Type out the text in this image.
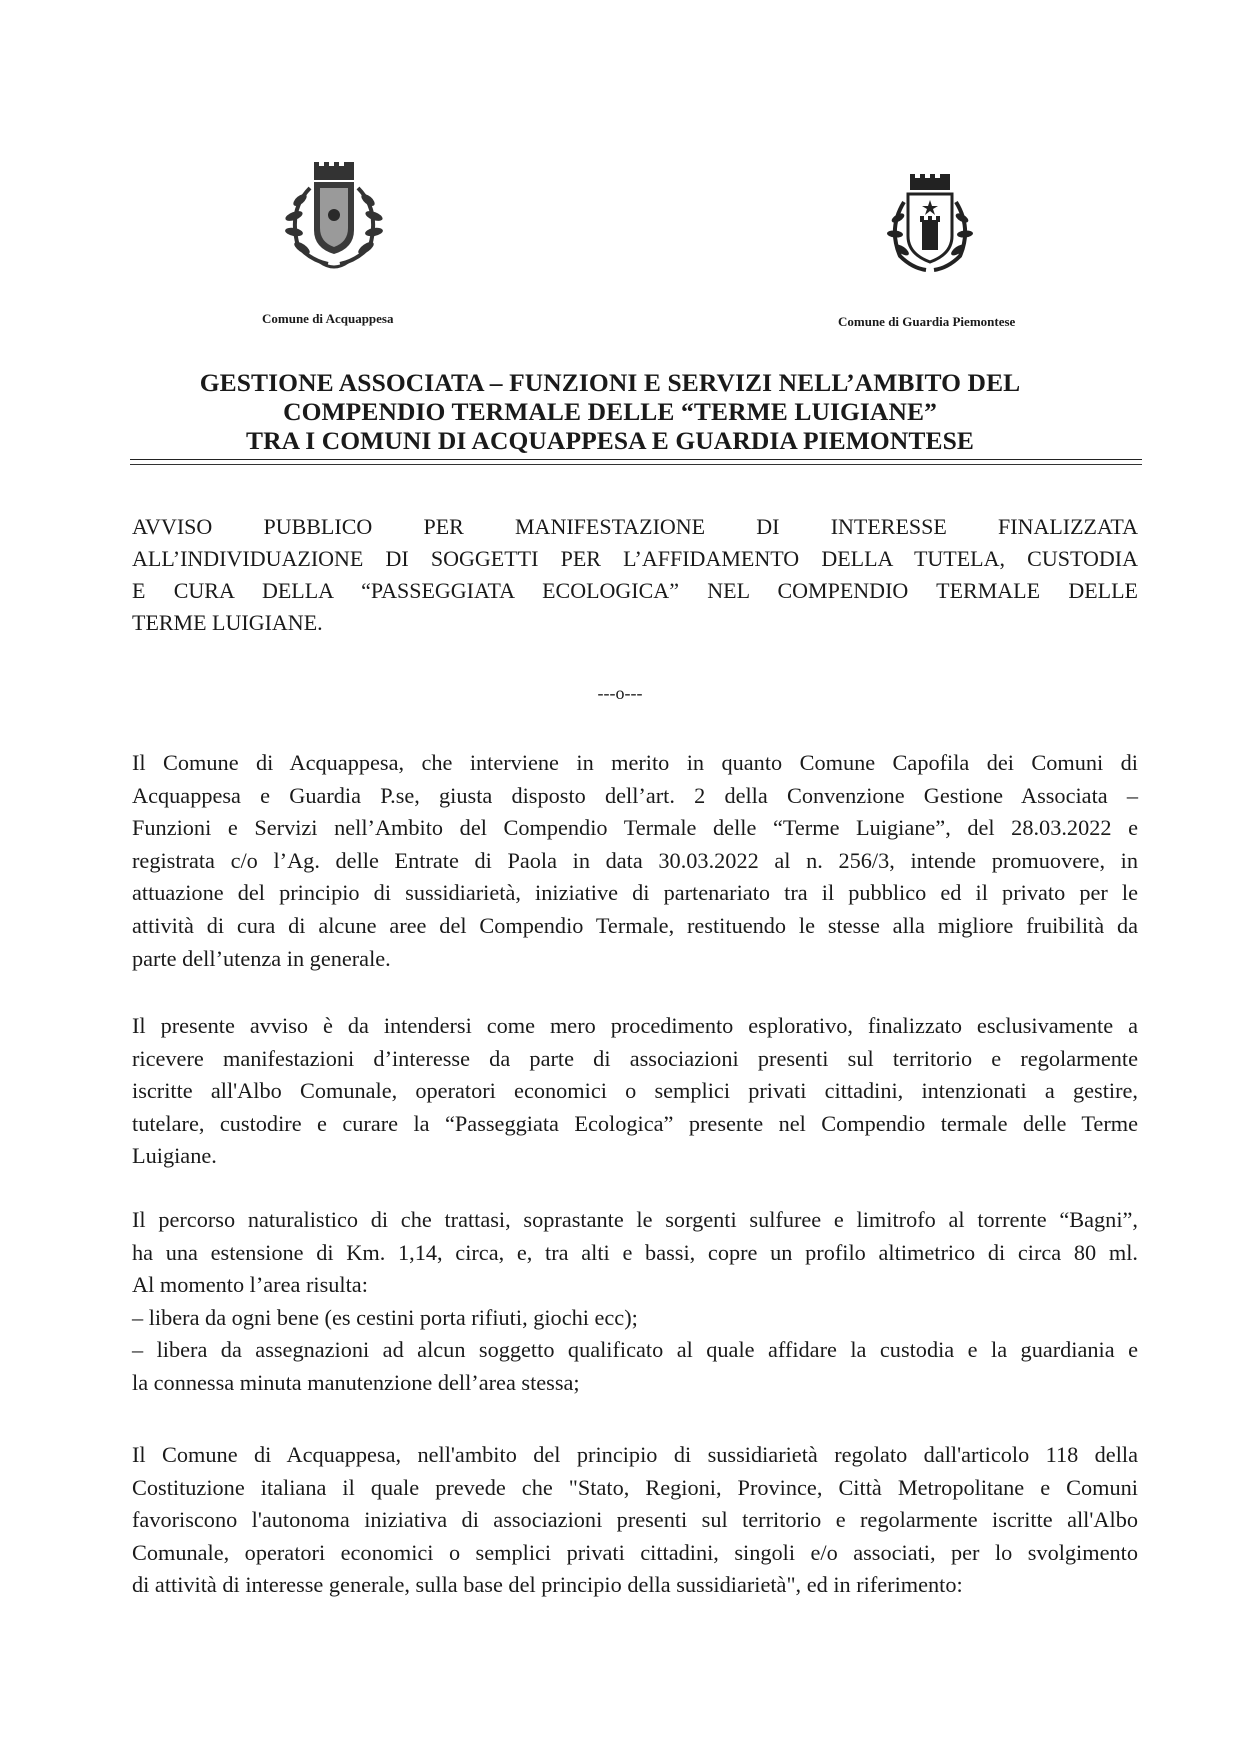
Comune di Acquappesa	Comune di Guardia Piemontese
GESTIONE ASSOCIATA – FUNZIONI E SERVIZI NELL’AMBITO DEL
COMPENDIO TERMALE DELLE “TERME LUIGIANE”
TRA I COMUNI DI ACQUAPPESA E GUARDIA PIEMONTESE
AVVISO PUBBLICO PER MANIFESTAZIONE DI INTERESSE FINALIZZATA
ALL’INDIVIDUAZIONE DI SOGGETTI PER L’AFFIDAMENTO DELLA TUTELA, CUSTODIA
E CURA DELLA “PASSEGGIATA ECOLOGICA” NEL COMPENDIO TERMALE DELLE
TERME LUIGIANE.
---o---
Il Comune di Acquappesa, che interviene in merito in quanto Comune Capofila dei Comuni di
Acquappesa e Guardia P.se, giusta disposto dell’art. 2 della Convenzione Gestione Associata –
Funzioni e Servizi nell’Ambito del Compendio Termale delle “Terme Luigiane”, del 28.03.2022 e
registrata c/o l’Ag. delle Entrate di Paola in data 30.03.2022 al n. 256/3, intende promuovere, in
attuazione del principio di sussidiarietà, iniziative di partenariato tra il pubblico ed il privato per le
attività di cura di alcune aree del Compendio Termale, restituendo le stesse alla migliore fruibilità da
parte dell’utenza in generale.
Il presente avviso è da intendersi come mero procedimento esplorativo, finalizzato esclusivamente a
ricevere manifestazioni d’interesse da parte di associazioni presenti sul territorio e regolarmente
iscritte all'Albo Comunale, operatori economici o semplici privati cittadini, intenzionati a gestire,
tutelare, custodire e curare la “Passeggiata Ecologica” presente nel Compendio termale delle Terme
Luigiane.
Il percorso naturalistico di che trattasi, soprastante le sorgenti sulfuree e limitrofo al torrente “Bagni”,
ha una estensione di Km. 1,14, circa, e, tra alti e bassi, copre un profilo altimetrico di circa 80 ml.
Al momento l’area risulta:
– libera da ogni bene (es cestini porta rifiuti, giochi ecc);
– libera da assegnazioni ad alcun soggetto qualificato al quale affidare la custodia e la guardiania e
la connessa minuta manutenzione dell’area stessa;
Il Comune di Acquappesa, nell'ambito del principio di sussidiarietà regolato dall'articolo 118 della
Costituzione italiana il quale prevede che "Stato, Regioni, Province, Città Metropolitane e Comuni
favoriscono l'autonoma iniziativa di associazioni presenti sul territorio e regolarmente iscritte all'Albo
Comunale, operatori economici o semplici privati cittadini, singoli e/o associati, per lo svolgimento
di attività di interesse generale, sulla base del principio della sussidiarietà", ed in riferimento:
